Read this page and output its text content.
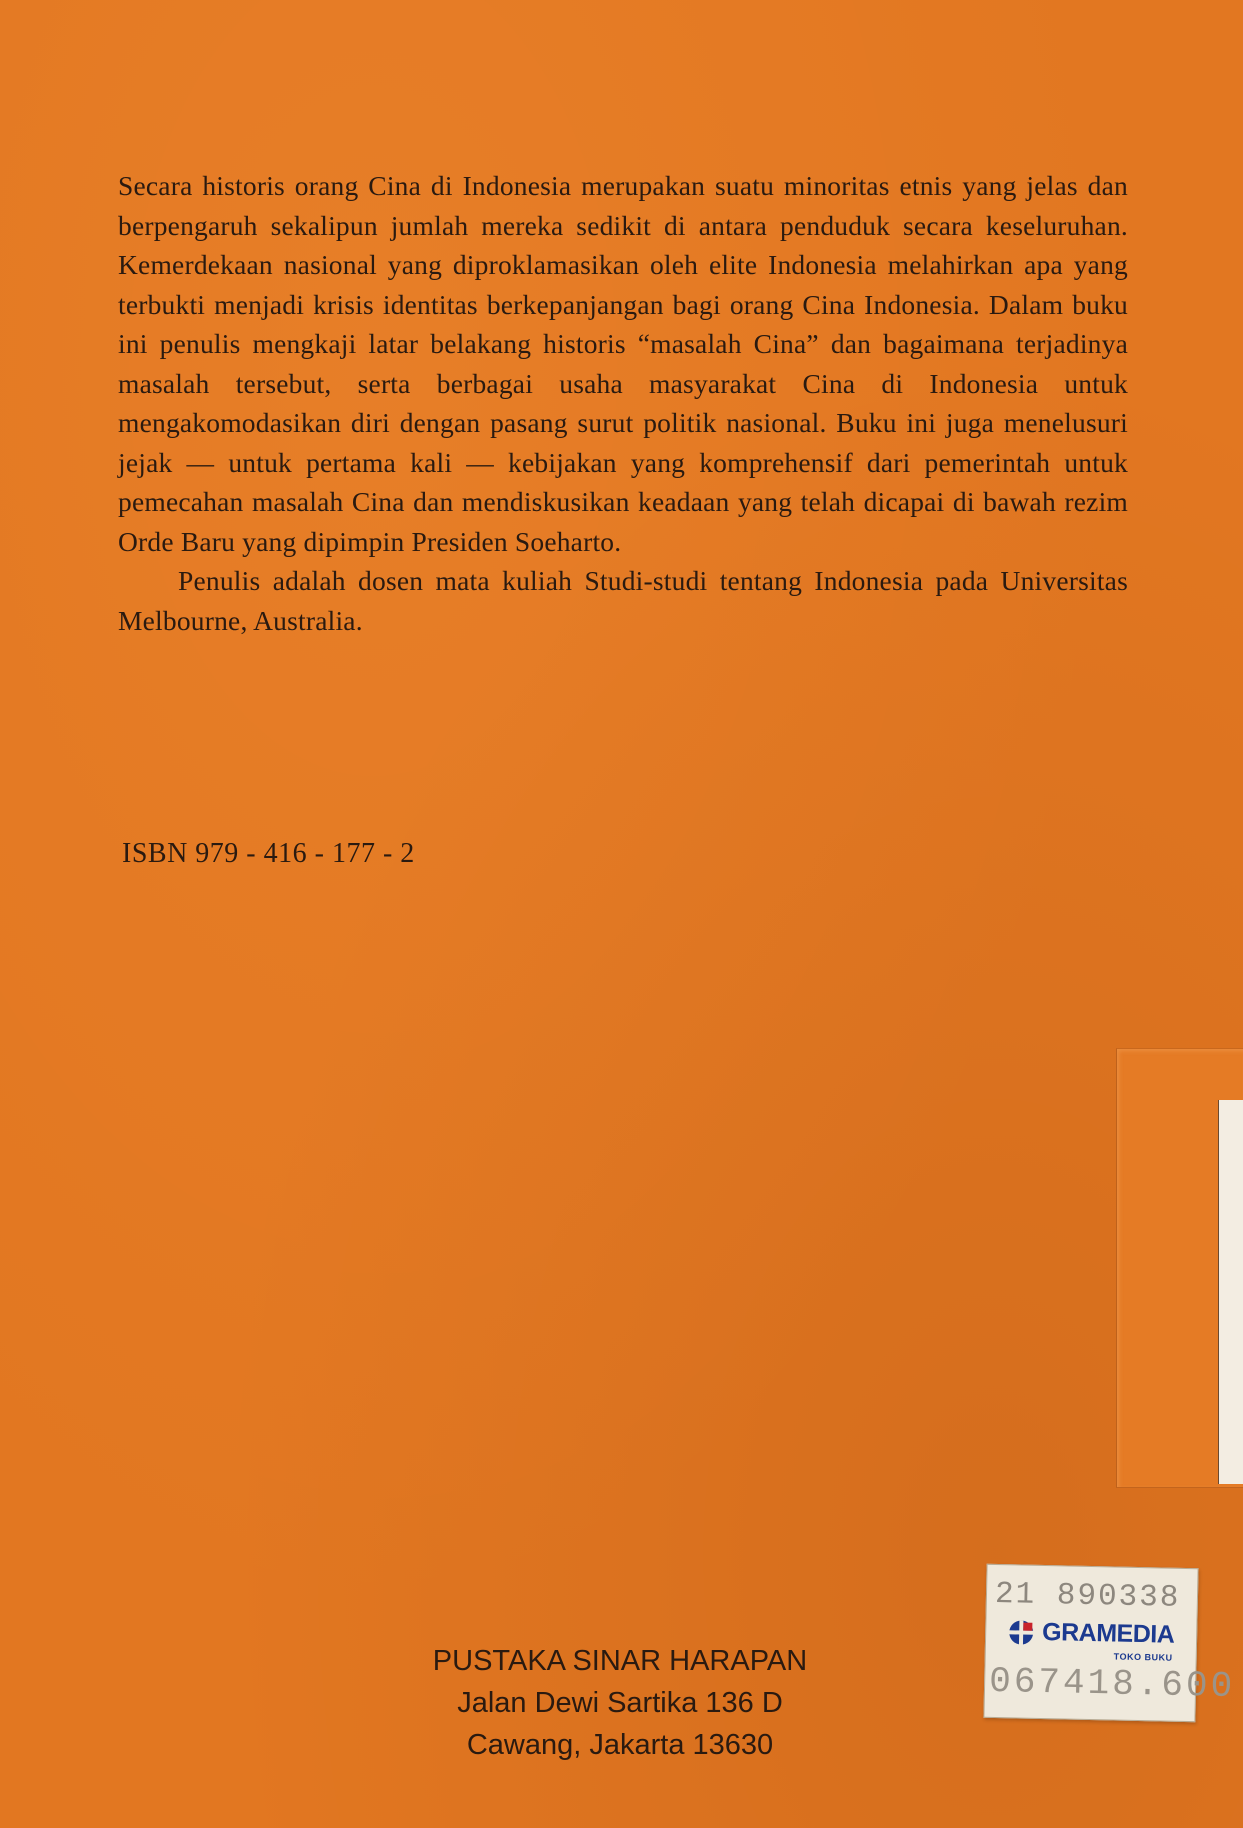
Secara historis orang Cina di Indonesia merupakan suatu minoritas etnis yang jelas dan berpengaruh sekalipun jumlah mereka sedikit di antara penduduk secara keseluruhan. Kemerdekaan nasional yang diproklamasikan oleh elite Indonesia melahirkan apa yang terbukti menjadi krisis identitas berkepanjangan bagi orang Cina Indonesia. Dalam buku ini penulis mengkaji latar belakang historis “masalah Cina” dan bagaimana terjadinya masalah tersebut, serta berbagai usaha masyarakat Cina di Indonesia untuk mengakomodasikan diri dengan pasang surut politik nasional. Buku ini juga menelusuri jejak — untuk pertama kali — kebijakan yang komprehensif dari pemerintah untuk pemecahan masalah Cina dan mendiskusikan keadaan yang telah dicapai di bawah rezim Orde Baru yang dipimpin Presiden Soeharto.

Penulis adalah dosen mata kuliah Studi-studi tentang Indonesia pada Universitas Melbourne, Australia.

ISBN 979 - 416 - 177 - 2
21 890338
GRAMEDIA
TOKO BUKU
067418.600
PUSTAKA SINAR HARAPAN
Jalan Dewi Sartika 136 D
Cawang, Jakarta 13630
